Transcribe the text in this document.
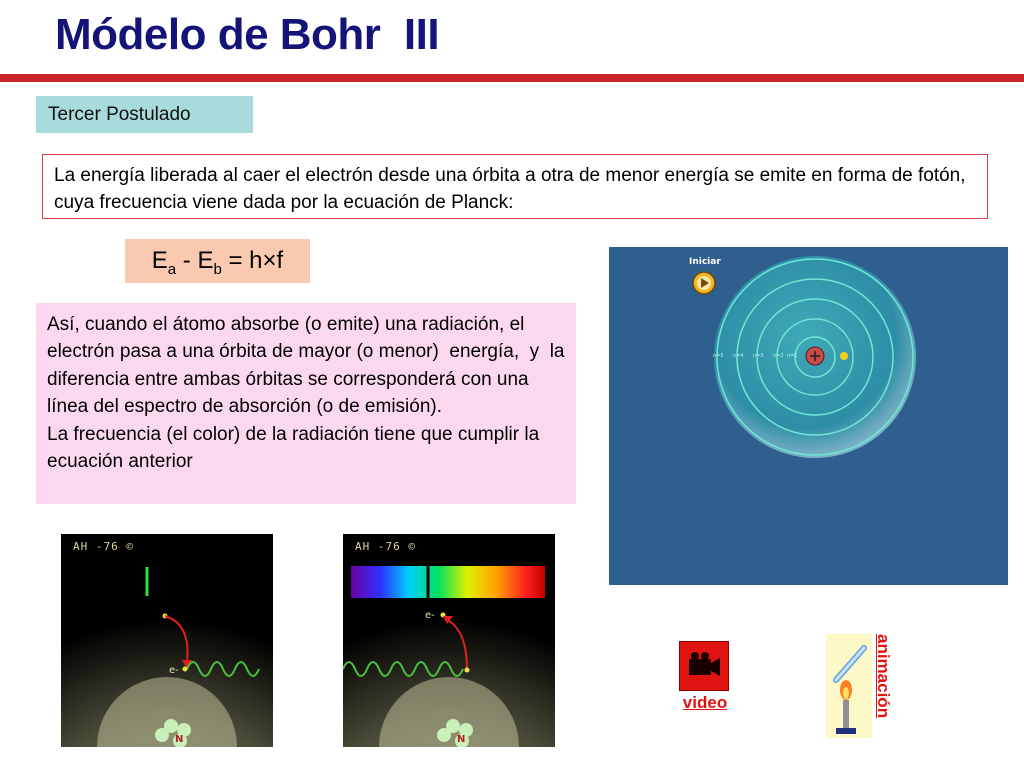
Módelo de Bohr  III
Tercer Postulado
La energía liberada al caer el electrón desde una órbita a otra de menor energía se emite en forma de fotón, cuya frecuencia viene dada por la ecuación de Planck:
$E_a - E_b = h\times f$

Así, cuando el átomo absorbe (o emite) una radiación, el electrón pasa a una órbita de mayor (o menor)  energía,  y  la diferencia entre ambas órbitas se corresponderá con una línea del espectro de absorción (o de emisión).

La frecuencia (el color) de la radiación tiene que cumplir la ecuación anterior

Iniciar
n=5 n=4 n=3 n=2 n=1
AH -76 ©
e-
N
AH -76 ©
e-
N
video	animación
